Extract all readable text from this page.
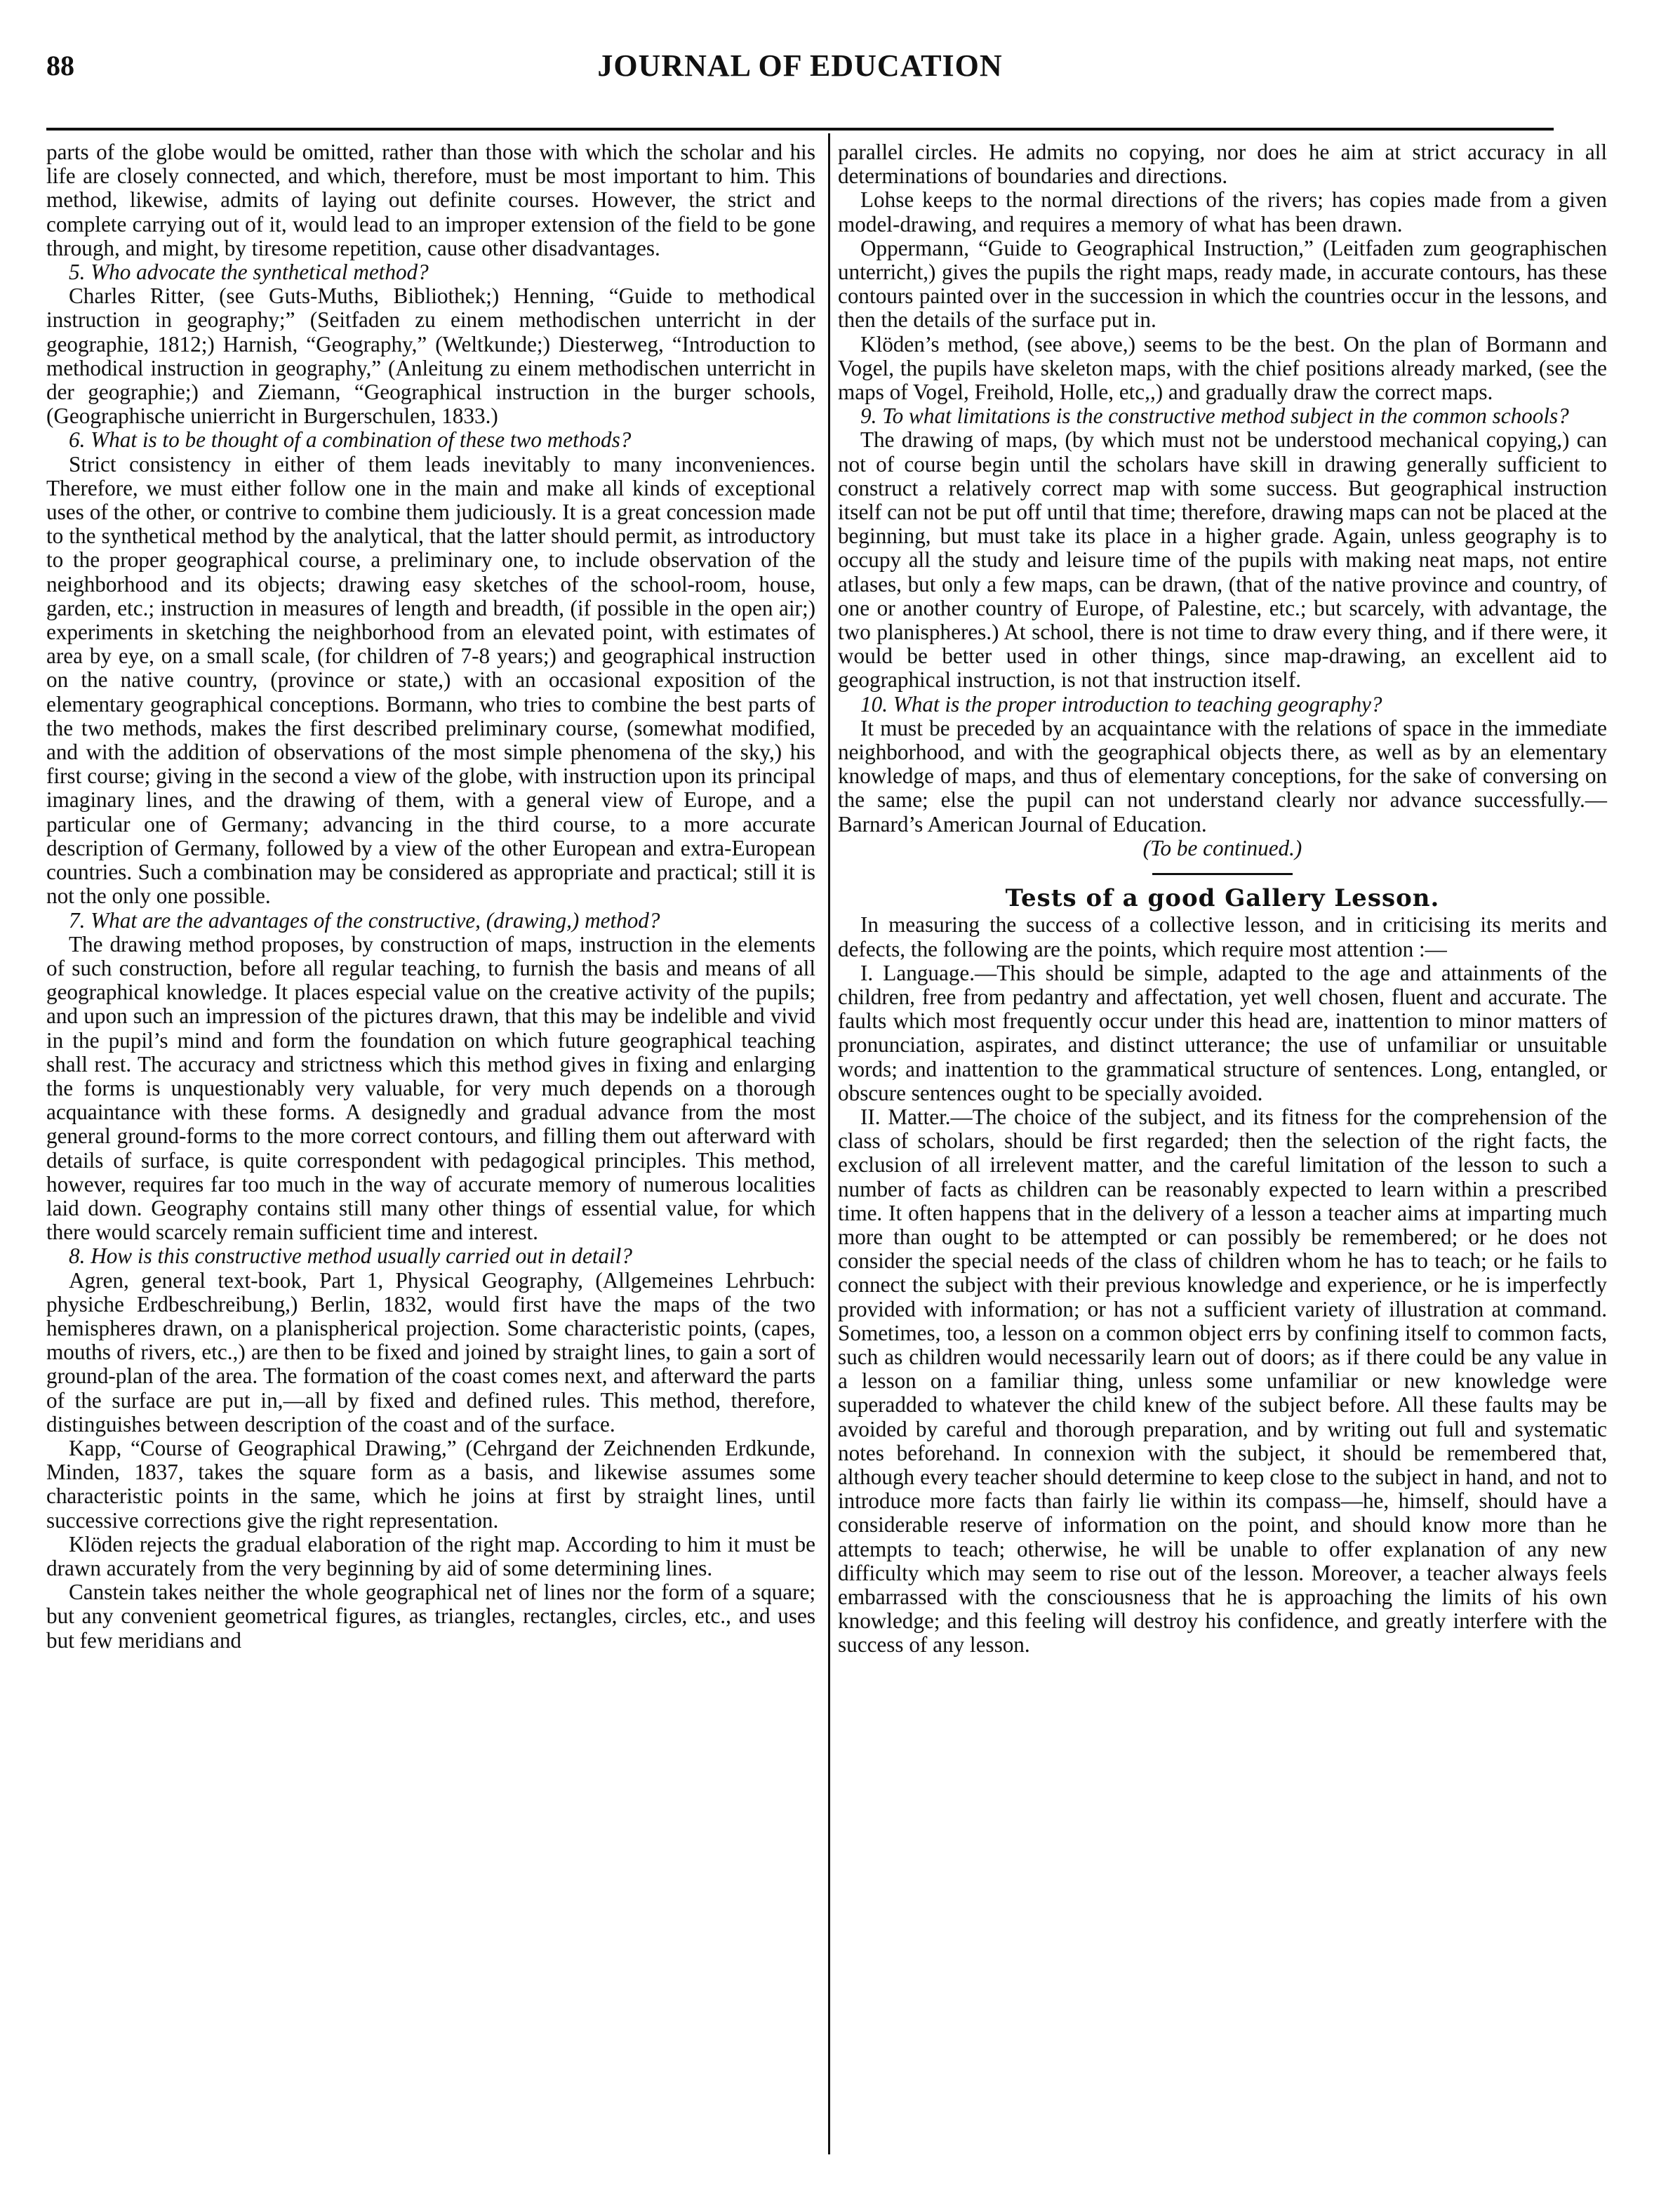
88	JOURNAL OF EDUCATION

parts of the globe would be omitted, rather than those with which the scholar and his life are closely connected, and which, therefore, must be most important to him. This method, likewise, admits of laying out definite courses. However, the strict and complete carrying out of it, would lead to an improper extension of the field to be gone through, and might, by tiresome repetition, cause other disadvantages.

5. Who advocate the synthetical method?

Charles Ritter, (see Guts-Muths, Bibliothek;) Henning, “Guide to methodical instruction in geography;” (Seitfaden zu einem methodischen unterricht in der geographie, 1812;) Harnish, “Geography,” (Weltkunde;) Diesterweg, “Introduction to methodical instruction in geography,” (Anleitung zu einem methodischen unterricht in der geographie;) and Ziemann, “Geographical instruction in the burger schools, (Geographische unierricht in Burgerschulen, 1833.)

6. What is to be thought of a combination of these two methods?

Strict consistency in either of them leads inevitably to many inconveniences. Therefore, we must either follow one in the main and make all kinds of exceptional uses of the other, or contrive to combine them judiciously. It is a great concession made to the synthetical method by the analytical, that the latter should permit, as introductory to the proper geographical course, a preliminary one, to include observation of the neighborhood and its objects; drawing easy sketches of the school-room, house, garden, etc.; instruction in measures of length and breadth, (if possible in the open air;) experiments in sketching the neighborhood from an elevated point, with estimates of area by eye, on a small scale, (for children of 7-8 years;) and geographical instruction on the native country, (province or state,) with an occasional exposition of the elementary geographical conceptions. Bormann, who tries to combine the best parts of the two methods, makes the first described preliminary course, (somewhat modified, and with the addition of observations of the most simple phenomena of the sky,) his first course; giving in the second a view of the globe, with instruction upon its principal imaginary lines, and the drawing of them, with a general view of Europe, and a particular one of Germany; advancing in the third course, to a more accurate description of Germany, followed by a view of the other European and extra-European countries. Such a combination may be considered as appropriate and practical; still it is not the only one possible.

7. What are the advantages of the constructive, (drawing,) method?

The drawing method proposes, by construction of maps, instruction in the elements of such construction, before all regular teaching, to furnish the basis and means of all geographical knowledge. It places especial value on the creative activity of the pupils; and upon such an impression of the pictures drawn, that this may be indelible and vivid in the pupil’s mind and form the foundation on which future geographical teaching shall rest. The accuracy and strictness which this method gives in fixing and enlarging the forms is unquestionably very valuable, for very much depends on a thorough acquaintance with these forms. A designedly and gradual advance from the most general ground-forms to the more correct contours, and filling them out afterward with details of surface, is quite correspondent with pedagogical principles. This method, however, requires far too much in the way of accurate memory of numerous localities laid down. Geography contains still many other things of essential value, for which there would scarcely remain sufficient time and interest.

8. How is this constructive method usually carried out in detail?

Agren, general text-book, Part 1, Physical Geography, (Allgemeines Lehrbuch: physiche Erdbeschreibung,) Berlin, 1832, would first have the maps of the two hemispheres drawn, on a planispherical projection. Some characteristic points, (capes, mouths of rivers, etc.,) are then to be fixed and joined by straight lines, to gain a sort of ground-plan of the area. The formation of the coast comes next, and afterward the parts of the surface are put in,—all by fixed and defined rules. This method, therefore, distinguishes between description of the coast and of the surface.

Kapp, “Course of Geographical Drawing,” (Cehrgand der Zeichnenden Erdkunde, Minden, 1837, takes the square form as a basis, and likewise assumes some characteristic points in the same, which he joins at first by straight lines, until successive corrections give the right representation.

Klöden rejects the gradual elaboration of the right map. According to him it must be drawn accurately from the very beginning by aid of some determining lines.

Canstein takes neither the whole geographical net of lines nor the form of a square; but any convenient geometrical figures, as triangles, rectangles, circles, etc., and uses but few meridians and

parallel circles. He admits no copying, nor does he aim at strict accuracy in all determinations of boundaries and directions.

Lohse keeps to the normal directions of the rivers; has copies made from a given model-drawing, and requires a memory of what has been drawn.

Oppermann, “Guide to Geographical Instruction,” (Leitfaden zum geographischen unterricht,) gives the pupils the right maps, ready made, in accurate contours, has these contours painted over in the succession in which the countries occur in the lessons, and then the details of the surface put in.

Klöden’s method, (see above,) seems to be the best. On the plan of Bormann and Vogel, the pupils have skeleton maps, with the chief positions already marked, (see the maps of Vogel, Freihold, Holle, etc,,) and gradually draw the correct maps.

9. To what limitations is the constructive method subject in the common schools?

The drawing of maps, (by which must not be understood mechanical copying,) can not of course begin until the scholars have skill in drawing generally sufficient to construct a relatively correct map with some success. But geographical instruction itself can not be put off until that time; therefore, drawing maps can not be placed at the beginning, but must take its place in a higher grade. Again, unless geography is to occupy all the study and leisure time of the pupils with making neat maps, not entire atlases, but only a few maps, can be drawn, (that of the native province and country, of one or another country of Europe, of Palestine, etc.; but scarcely, with advantage, the two planispheres.) At school, there is not time to draw every thing, and if there were, it would be better used in other things, since map-drawing, an excellent aid to geographical instruction, is not that instruction itself.

10. What is the proper introduction to teaching geography?

It must be preceded by an acquaintance with the relations of space in the immediate neighborhood, and with the geographical objects there, as well as by an elementary knowledge of maps, and thus of elementary conceptions, for the sake of conversing on the same; else the pupil can not understand clearly nor advance successfully.—Barnard’s American Journal of Education.

(To be continued.)

Tests of a good Gallery Lesson.

In measuring the success of a collective lesson, and in criticising its merits and defects, the following are the points, which require most attention :—

I. Language.—This should be simple, adapted to the age and attainments of the children, free from pedantry and affectation, yet well chosen, fluent and accurate. The faults which most frequently occur under this head are, inattention to minor matters of pronunciation, aspirates, and distinct utterance; the use of unfamiliar or unsuitable words; and inattention to the grammatical structure of sentences. Long, entangled, or obscure sentences ought to be specially avoided.

II. Matter.—The choice of the subject, and its fitness for the comprehension of the class of scholars, should be first regarded; then the selection of the right facts, the exclusion of all irrelevent matter, and the careful limitation of the lesson to such a number of facts as children can be reasonably expected to learn within a prescribed time. It often happens that in the delivery of a lesson a teacher aims at imparting much more than ought to be attempted or can possibly be remembered; or he does not consider the special needs of the class of children whom he has to teach; or he fails to connect the subject with their previous knowledge and experience, or he is imperfectly provided with information; or has not a sufficient variety of illustration at command. Sometimes, too, a lesson on a common object errs by confining itself to common facts, such as children would necessarily learn out of doors; as if there could be any value in a lesson on a familiar thing, unless some unfamiliar or new knowledge were superadded to whatever the child knew of the subject before. All these faults may be avoided by careful and thorough preparation, and by writing out full and systematic notes beforehand. In connexion with the subject, it should be remembered that, although every teacher should determine to keep close to the subject in hand, and not to introduce more facts than fairly lie within its compass—he, himself, should have a considerable reserve of information on the point, and should know more than he attempts to teach; otherwise, he will be unable to offer explanation of any new difficulty which may seem to rise out of the lesson. Moreover, a teacher always feels embarrassed with the consciousness that he is approaching the limits of his own knowledge; and this feeling will destroy his confidence, and greatly interfere with the success of any lesson.
